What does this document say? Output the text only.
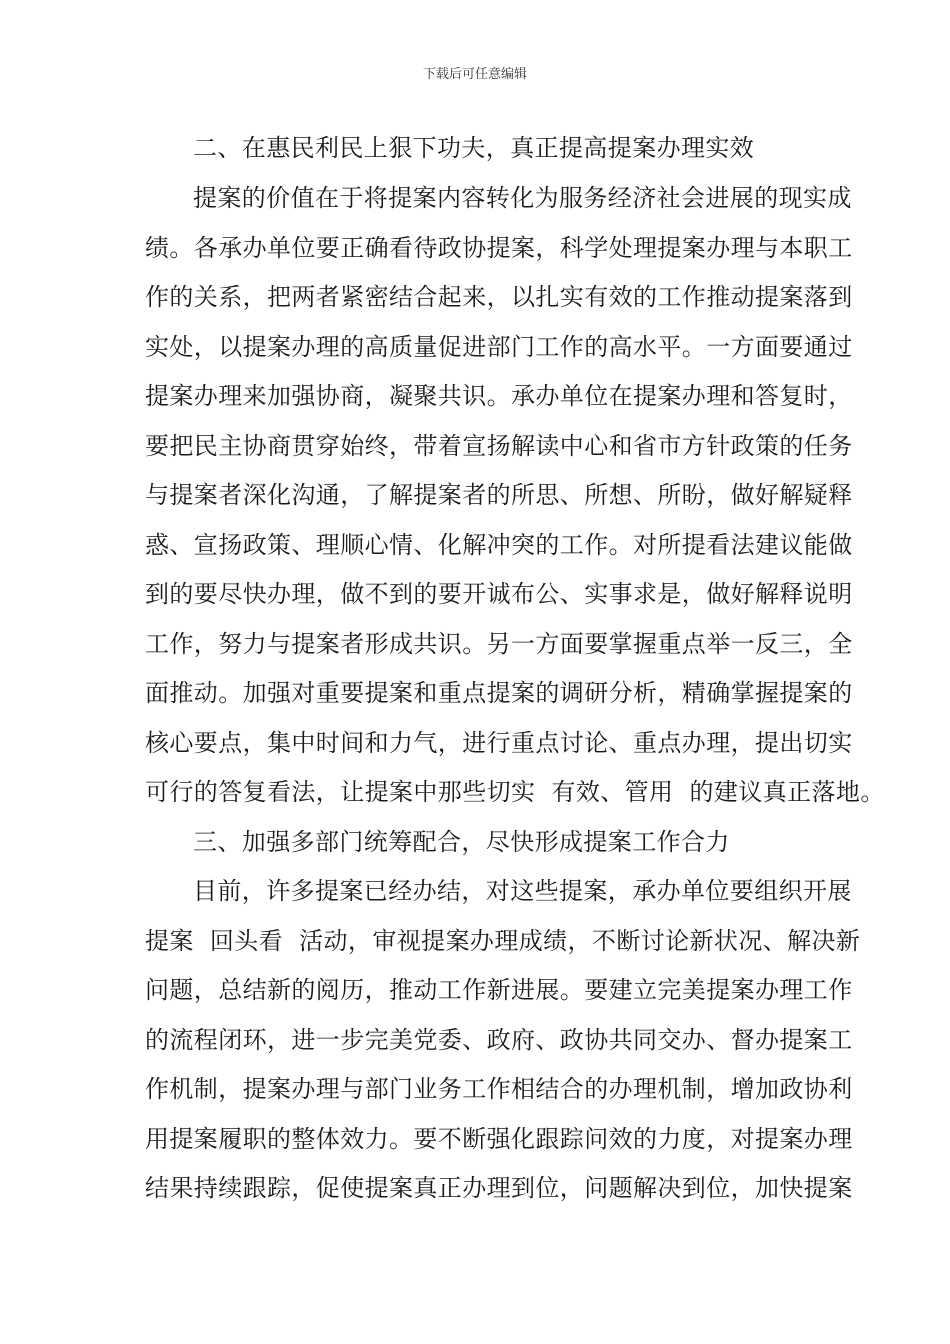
下载后可任意编辑
二、在惠民利民上狠下功夫，真正提高提案办理实效
提案的价值在于将提案内容转化为服务经济社会进展的现实成
绩。各承办单位要正确看待政协提案，科学处理提案办理与本职工
作的关系，把两者紧密结合起来，以扎实有效的工作推动提案落到
实处，以提案办理的高质量促进部门工作的高水平。一方面要通过
提案办理来加强协商，凝聚共识。承办单位在提案办理和答复时，
要把民主协商贯穿始终，带着宣扬解读中心和省市方针政策的任务
与提案者深化沟通，了解提案者的所思、所想、所盼，做好解疑释
惑、宣扬政策、理顺心情、化解冲突的工作。对所提看法建议能做
到的要尽快办理，做不到的要开诚布公、实事求是，做好解释说明
工作，努力与提案者形成共识。另一方面要掌握重点举一反三，全
面推动。加强对重要提案和重点提案的调研分析，精确掌握提案的
核心要点，集中时间和力气，进行重点讨论、重点办理，提出切实
可行的答复看法，让提案中那些切实  有效、管用  的建议真正落地。
三、加强多部门统筹配合，尽快形成提案工作合力
目前，许多提案已经办结，对这些提案，承办单位要组织开展
提案  回头看  活动，审视提案办理成绩，不断讨论新状况、解决新
问题，总结新的阅历，推动工作新进展。要建立完美提案办理工作
的流程闭环，进一步完美党委、政府、政协共同交办、督办提案工
作机制，提案办理与部门业务工作相结合的办理机制，增加政协利
用提案履职的整体效力。要不断强化跟踪问效的力度，对提案办理
结果持续跟踪，促使提案真正办理到位，问题解决到位，加快提案
